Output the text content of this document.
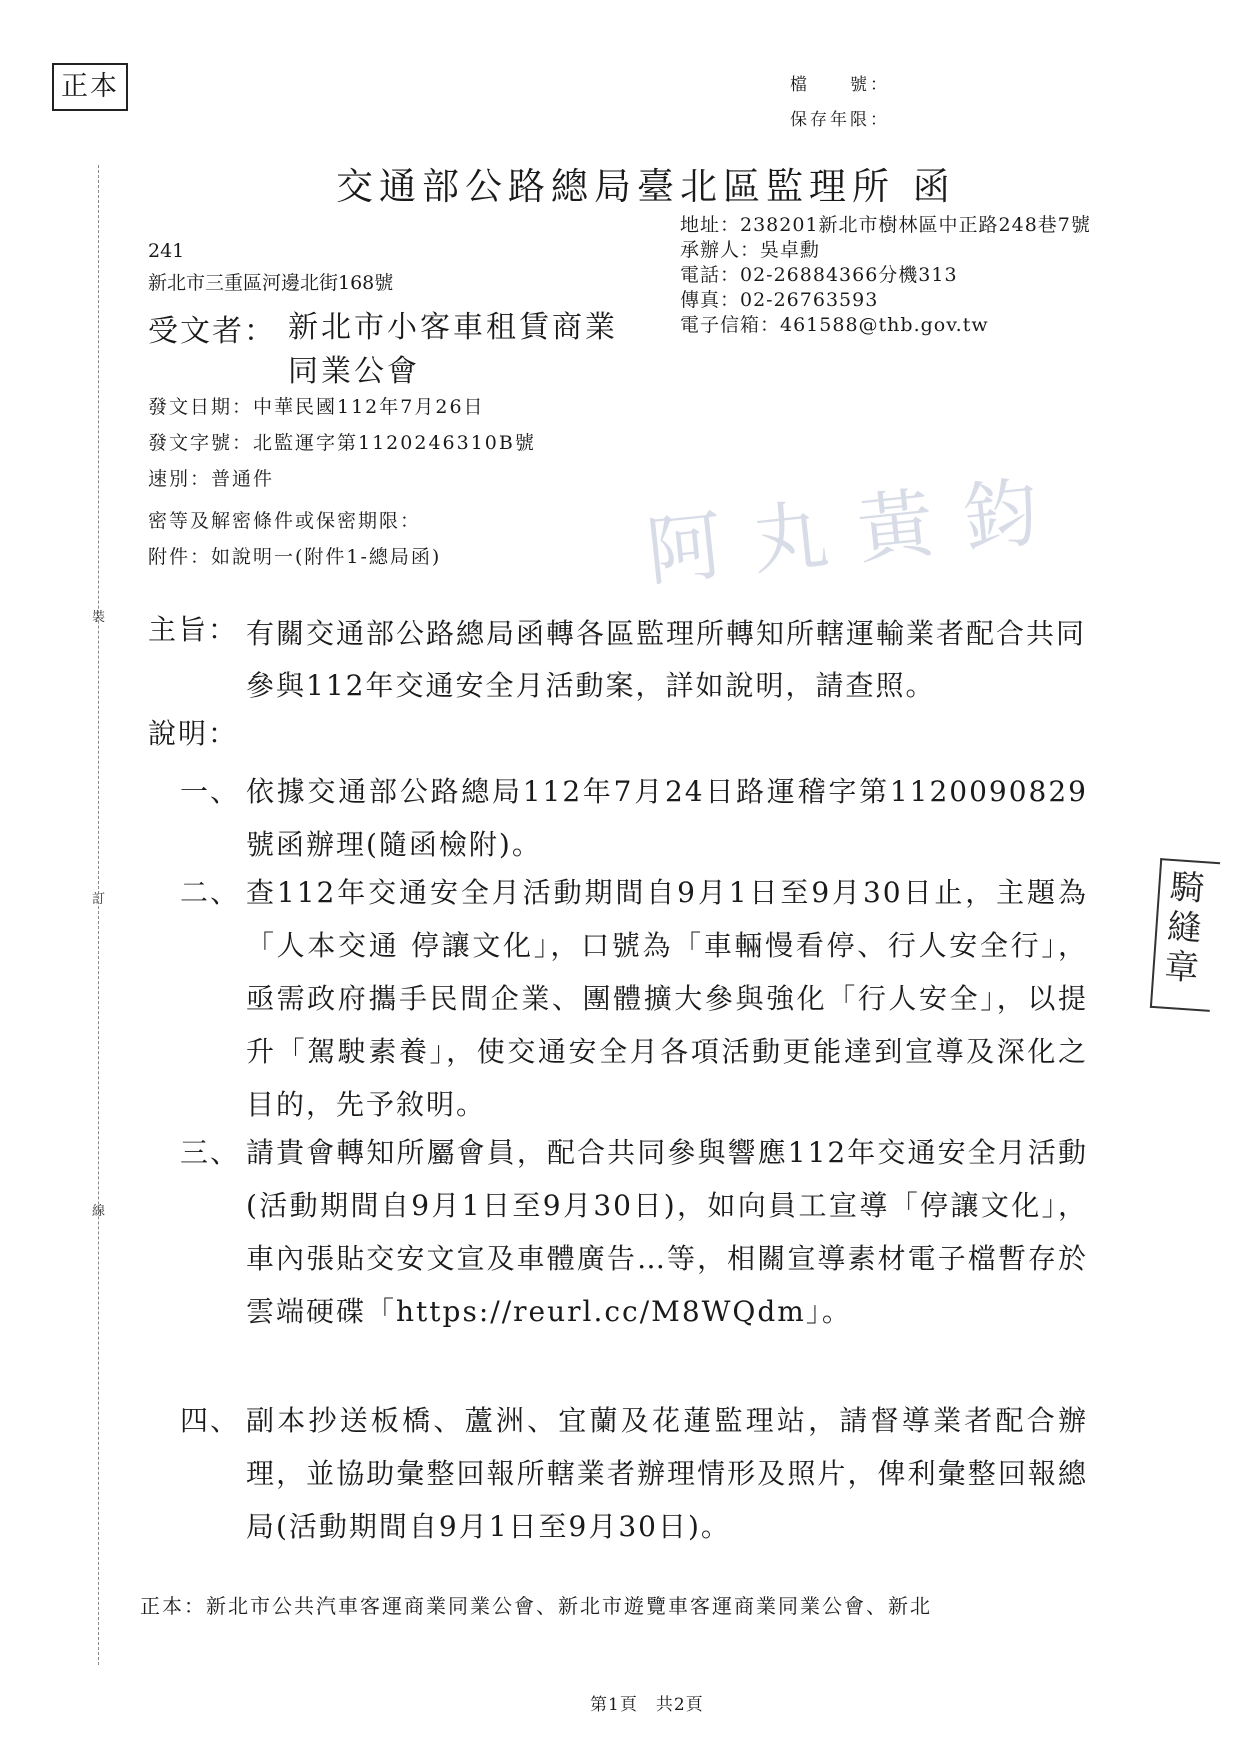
正本	檔　　號：
保存年限：
交通部公路總局臺北區監理所 函
地址：238201新北市樹林區中正路248巷7號
承辦人：吳卓勳
電話：02-26884366分機313
傳真：02-26763593
電子信箱：461588@thb.gov.tw
241
新北市三重區河邊北街168號
受文者： 新北市小客車租賃商業同業公會
發文日期：中華民國112年7月26日
發文字號：北監運字第1120246310B號
速別：普通件
密等及解密條件或保密期限：
附件：如說明一(附件1-總局函)
裝
訂
線
阿丸黃鈞
主旨： 有關交通部公路總局函轉各區監理所轉知所轄運輸業者配合共同參與112年交通安全月活動案，詳如說明，請查照。
說明：
一、 依據交通部公路總局112年7月24日路運稽字第1120090829號函辦理(隨函檢附)。
二、 查112年交通安全月活動期間自9月1日至9月30日止，主題為「人本交通 停讓文化」，口號為「車輛慢看停、行人安全行」，亟需政府攜手民間企業、團體擴大參與強化「行人安全」，以提升「駕駛素養」，使交通安全月各項活動更能達到宣導及深化之目的，先予敘明。
三、 請貴會轉知所屬會員，配合共同參與響應112年交通安全月活動(活動期間自9月1日至9月30日)，如向員工宣導「停讓文化」，車內張貼交安文宣及車體廣告…等，相關宣導素材電子檔暫存於雲端硬碟「https://reurl.cc/M8WQdm」。
四、 副本抄送板橋、蘆洲、宜蘭及花蓮監理站，請督導業者配合辦理，並協助彙整回報所轄業者辦理情形及照片，俾利彙整回報總局(活動期間自9月1日至9月30日)。
正本：新北市公共汽車客運商業同業公會、新北市遊覽車客運商業同業公會、新北
第1頁　共2頁
騎縫章
